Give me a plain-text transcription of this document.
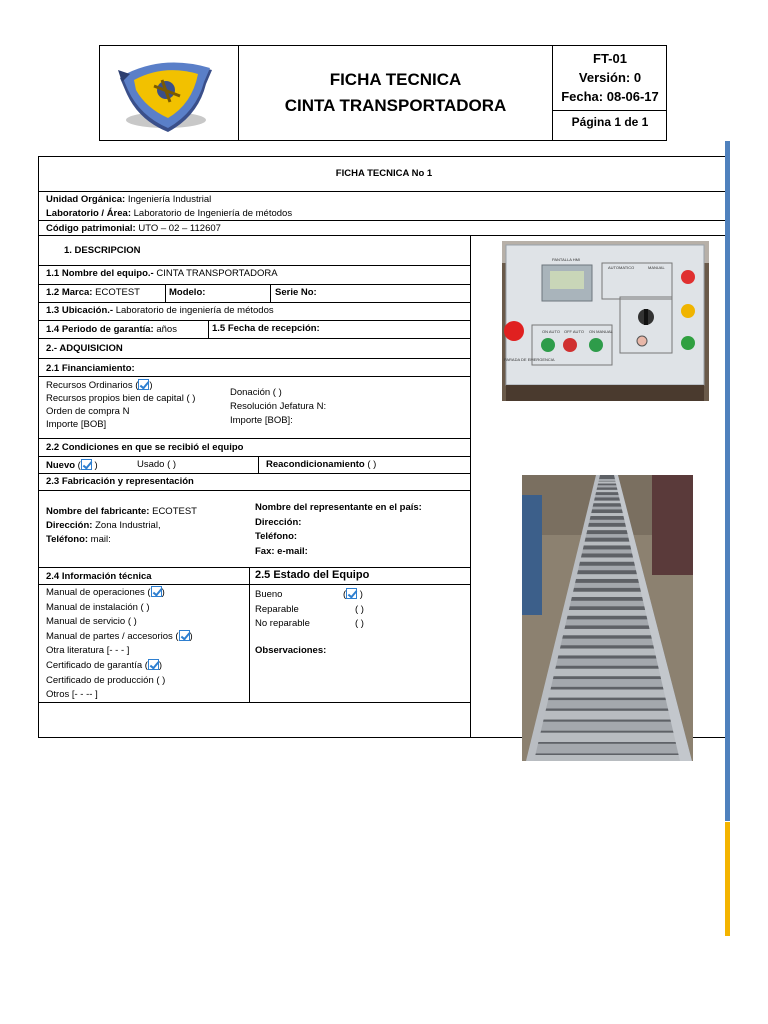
FICHA TECNICA
CINTA TRANSPORTADORA
FT-01
Versión: 0
Fecha: 08-06-17
Página 1 de 1
FICHA TECNICA No 1
Unidad Orgánica: Ingeniería Industrial
Laboratorio / Área: Laboratorio de Ingeniería de métodos
Código patrimonial: UTO – 02 – 112607
1. DESCRIPCION
1.1 Nombre del equipo.- CINTA TRANSPORTADORA
1.2 Marca: ECOTEST	Modelo:	Serie No:
1.3 Ubicación.- Laboratorio de ingeniería de métodos
1.4 Periodo de garantía: años	1.5 Fecha de recepción:
2.- ADQUISICION
2.1 Financiamiento:
Recursos Ordinarios ( )
Recursos propios bien de capital ( )
Orden de compra N
Importe [BOB]
Donación ( )
Resolución Jefatura N:
Importe [BOB]:
2.2 Condiciones en que se recibió el equipo
Nuevo ( )	Usado ( )	Reacondicionamiento ( )
2.3 Fabricación y representación
Nombre del fabricante: ECOTEST
Dirección: Zona Industrial,
Teléfono: mail:
Nombre del representante en el país:
Dirección:
Teléfono:
Fax: e-mail:
2.4 Información técnica	2.5 Estado del Equipo
Manual de operaciones ( )
Manual de instalación ( )
Manual de servicio ( )
Manual de partes / accesorios ( )
Otra literatura [- - - ]
Certificado de garantía ( )
Certificado de producción ( )
Otros [- - -- ]
Bueno	( )
Reparable	( )
No reparable	( )
Observaciones:
PANTALLA HMI
AUTOMATICO	MANUAL
ON AUTO OFF AUTO ON MANUAL
PARADA DE EMERGENCIA
